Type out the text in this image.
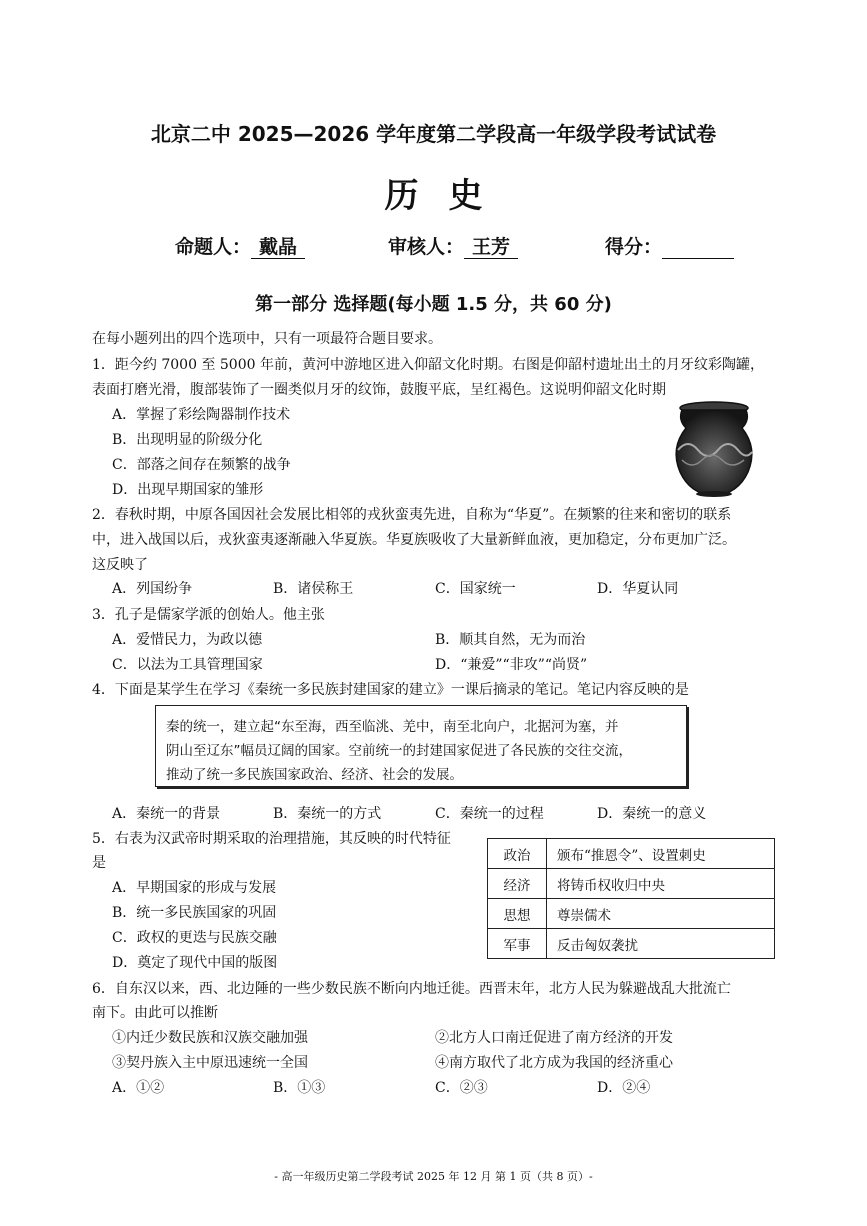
北京二中 2025—2026 学年度第二学段高一年级学段考试试卷
历史
命题人： 戴晶	审核人： 王芳	得分：
第一部分 选择题(每小题 1.5 分，共 60 分)
在每小题列出的四个选项中，只有一项最符合题目要求。
1．距今约 7000 至 5000 年前，黄河中游地区进入仰韶文化时期。右图是仰韶村遗址出土的月牙纹彩陶罐，
表面打磨光滑，腹部装饰了一圈类似月牙的纹饰，鼓腹平底，呈红褐色。这说明仰韶文化时期
A．掌握了彩绘陶器制作技术
B．出现明显的阶级分化
C．部落之间存在频繁的战争
D．出现早期国家的雏形
2．春秋时期，中原各国因社会发展比相邻的戎狄蛮夷先进，自称为“华夏”。在频繁的往来和密切的联系
中，进入战国以后，戎狄蛮夷逐渐融入华夏族。华夏族吸收了大量新鲜血液，更加稳定，分布更加广泛。
这反映了
A．列国纷争	B．诸侯称王	C．国家统一	D．华夏认同
3．孔子是儒家学派的创始人。他主张
A．爱惜民力，为政以德	B．顺其自然，无为而治
C．以法为工具管理国家	D．“兼爱”“非攻”“尚贤”
4．下面是某学生在学习《秦统一多民族封建国家的建立》一课后摘录的笔记。笔记内容反映的是
秦的统一，建立起“东至海，西至临洮、羌中，南至北向户，北据河为塞，并
阴山至辽东”幅员辽阔的国家。空前统一的封建国家促进了各民族的交往交流，
推动了统一多民族国家政治、经济、社会的发展。
A．秦统一的背景	B．秦统一的方式	C．秦统一的过程	D．秦统一的意义
5．右表为汉武帝时期采取的治理措施，其反映的时代特征
是
A．早期国家的形成与发展
B．统一多民族国家的巩固
C．政权的更迭与民族交融
D．奠定了现代中国的版图
政治	颁布“推恩令”、设置刺史
经济	将铸币权收归中央
思想	尊崇儒术
军事	反击匈奴袭扰
6．自东汉以来，西、北边陲的一些少数民族不断向内地迁徙。西晋末年，北方人民为躲避战乱大批流亡
南下。由此可以推断
①内迁少数民族和汉族交融加强	②北方人口南迁促进了南方经济的开发
③契丹族入主中原迅速统一全国	④南方取代了北方成为我国的经济重心
A．①②	B．①③	C．②③	D．②④
- 高一年级历史第二学段考试 2025 年 12 月 第 1 页（共 8 页）-
